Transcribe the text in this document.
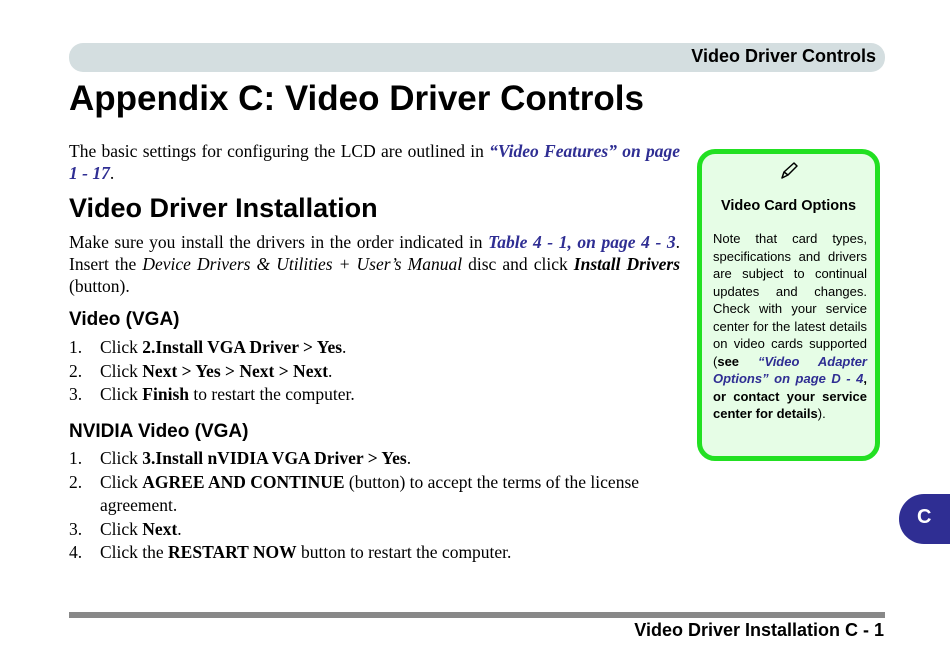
Video Driver Controls
Appendix C: Video Driver Controls

The basic settings for configuring the LCD are outlined in “Video Features” on page 1 - 17.

Video Driver Installation

Make sure you install the drivers in the order indicated in Table 4 - 1, on page 4 - 3. Insert the Device Drivers & Utilities + User’s Manual disc and click Install Drivers (button).

Video (VGA)
1.	Click 2.Install VGA Driver > Yes.
2.	Click Next > Yes > Next > Next.
3.	Click Finish to restart the computer.
NVIDIA Video (VGA)
1.	Click 3.Install nVIDIA VGA Driver > Yes.
2.	Click AGREE AND CONTINUE (button) to accept the terms of the license agreement.
3.	Click Next.
4.	Click the RESTART NOW button to restart the computer.
Video Card Options

Note that card types, specifications and drivers are subject to continual updates and changes. Check with your service center for the latest details on video cards supported (see “Video Adapter Options” on page D - 4, or contact your service center for details).

C
Video Driver Installation C - 1
